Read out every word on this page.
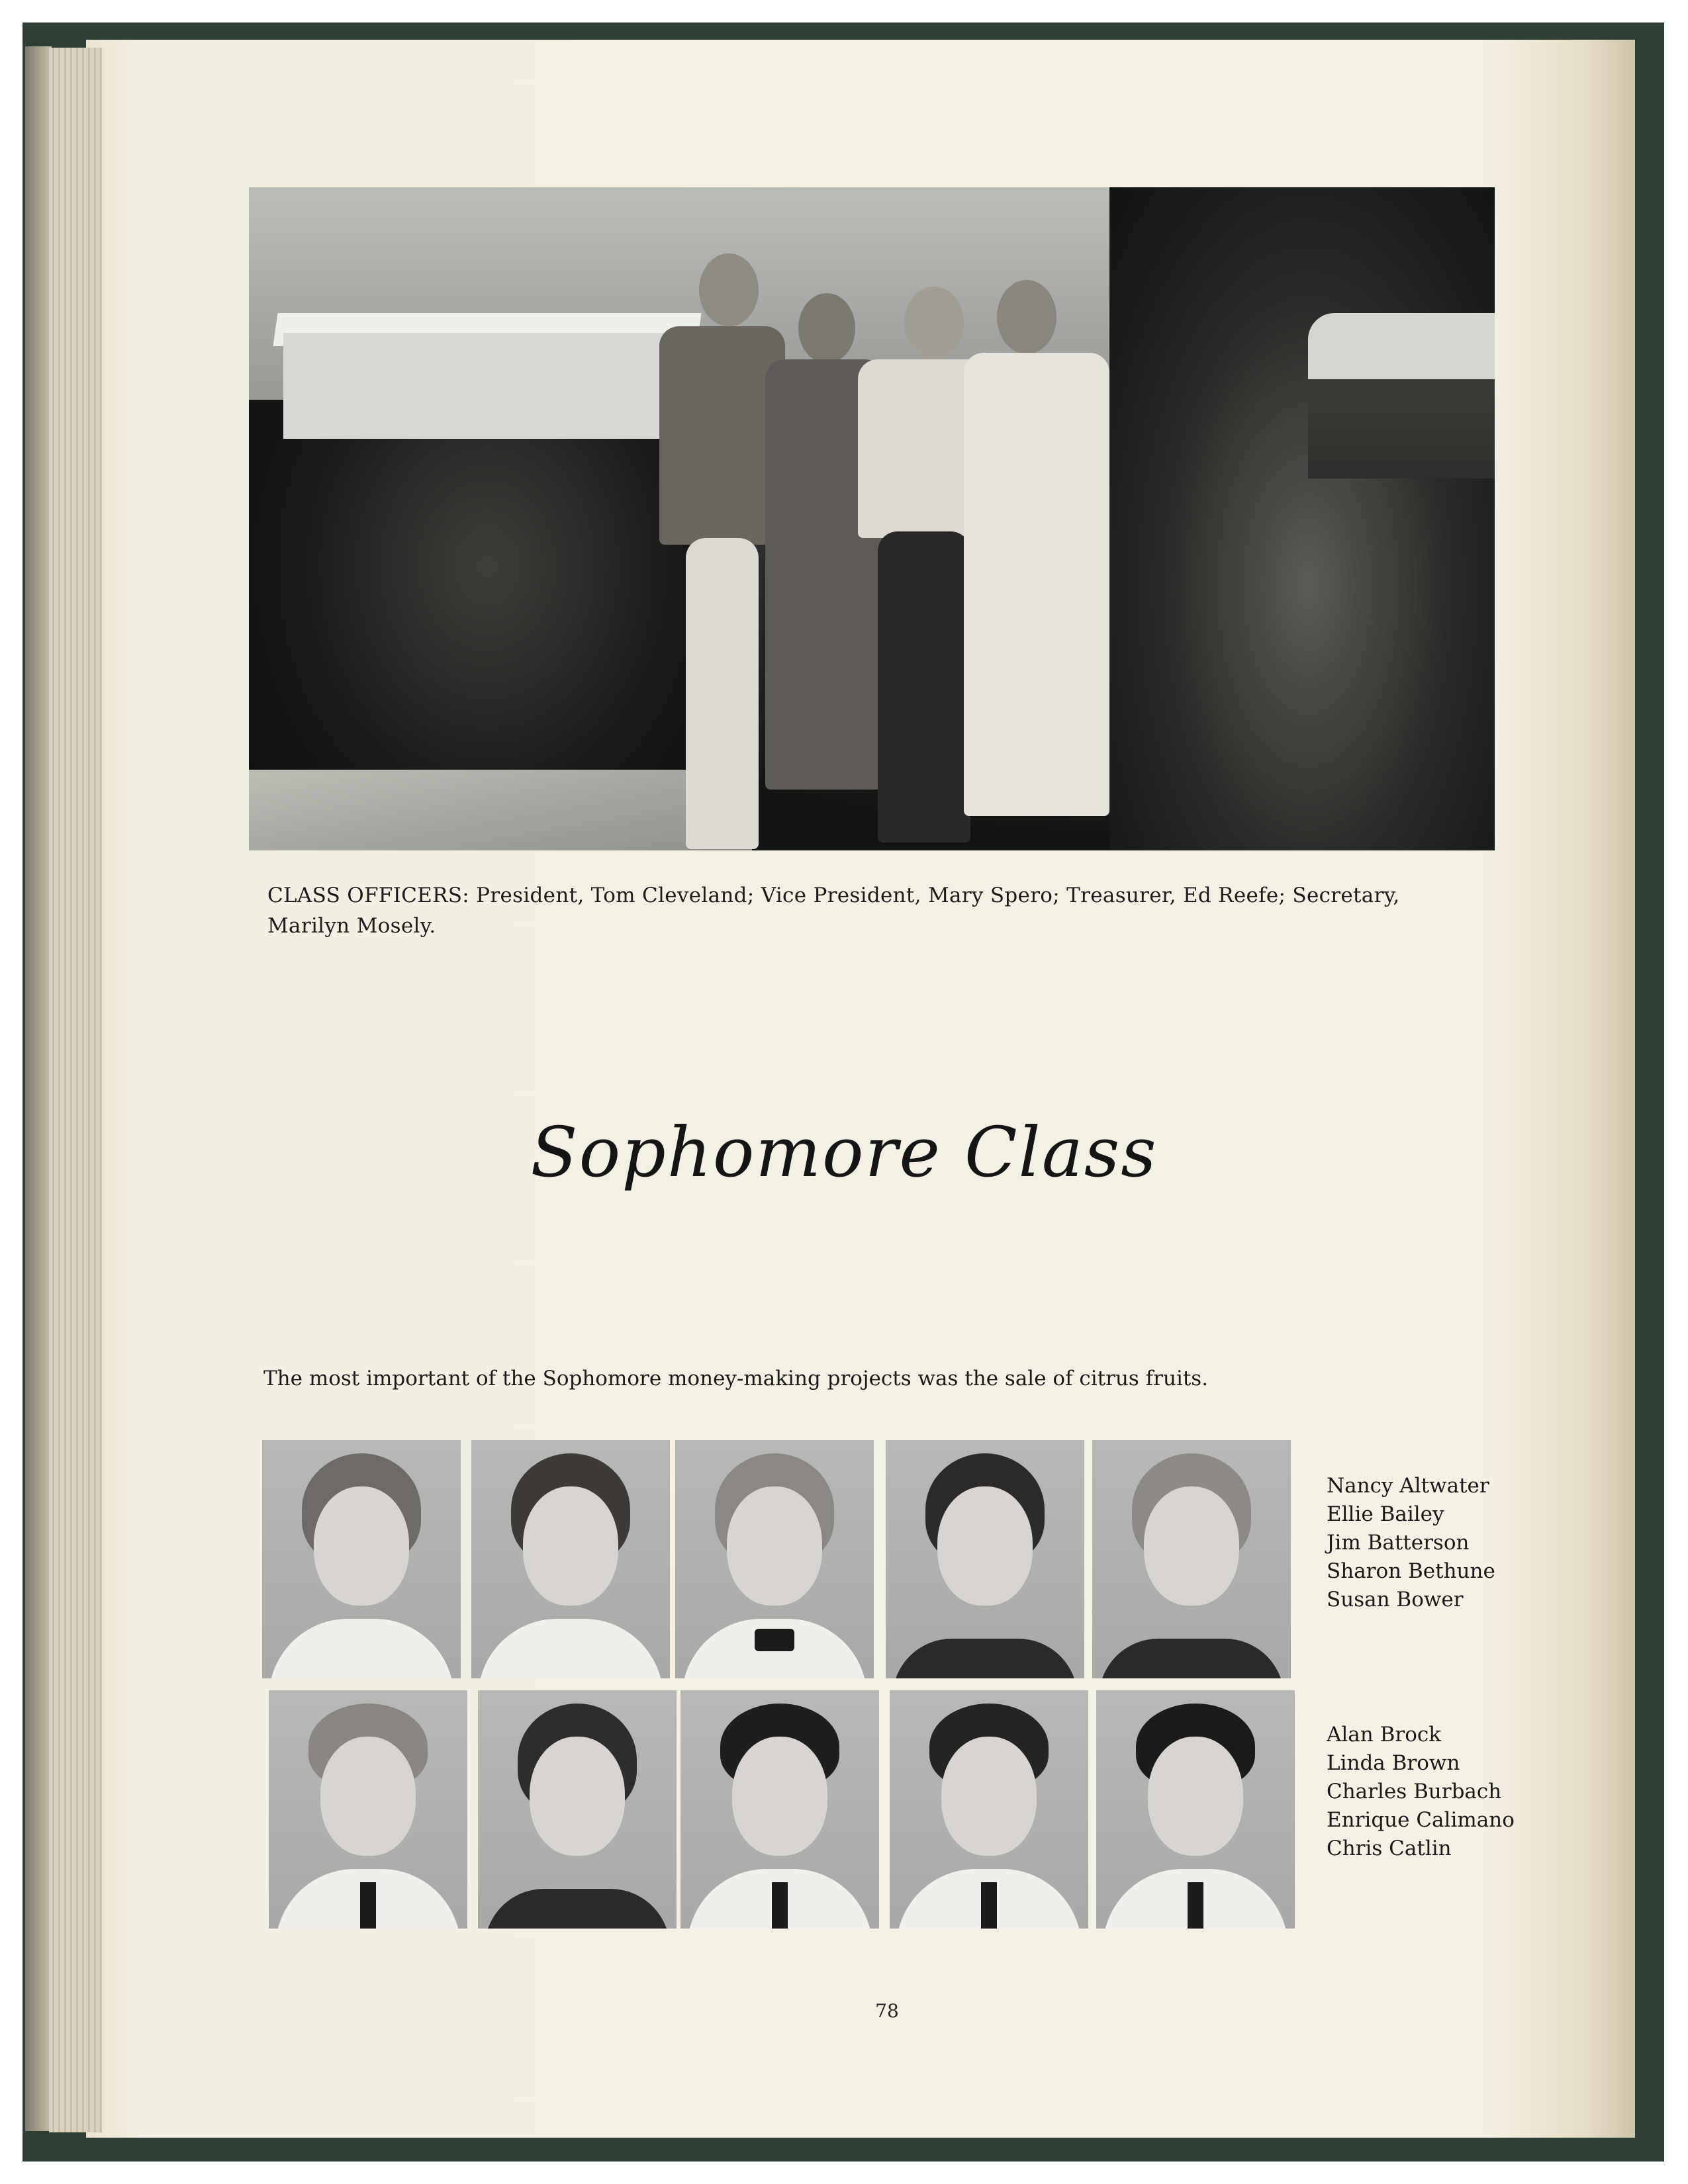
CLASS OFFICERS: President, Tom Cleveland; Vice President, Mary Spero; Treasurer, Ed Reefe; Secretary, Marilyn Mosely.
Sophomore Class
The most important of the Sophomore money-making projects was the sale of citrus fruits.
Nancy Altwater
Ellie Bailey
Jim Batterson
Sharon Bethune
Susan Bower
Alan Brock
Linda Brown
Charles Burbach
Enrique Calimano
Chris Catlin
78
